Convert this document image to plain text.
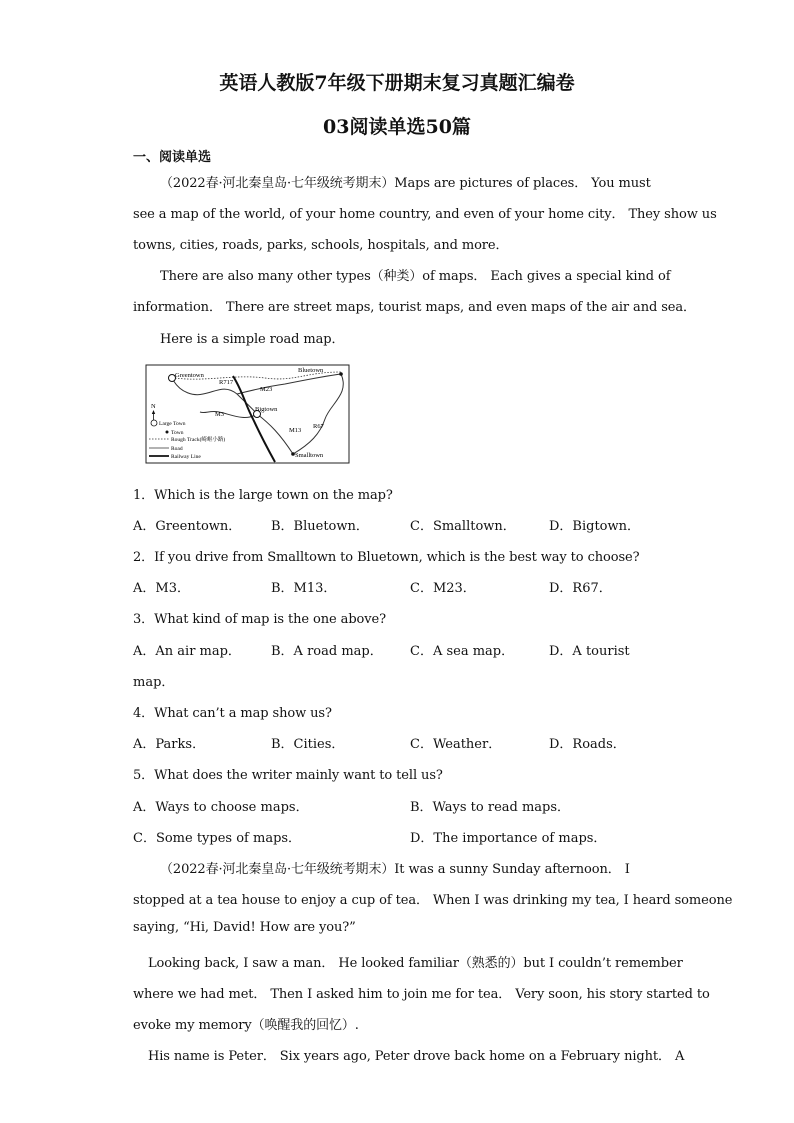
英语人教版7年级下册期末复习真题汇编卷
03阅读单选50篇
一、阅读单选
（2022春·河北秦皇岛·七年级统考期末）Maps are pictures of places． You must
see a map of the world, of your home country, and even of your home city． They show us
towns, cities, roads, parks, schools, hospitals, and more．
There are also many other types（种类）of maps． Each gives a special kind of
information． There are street maps, tourist maps, and even maps of the air and sea．
Here is a simple road map．
Greentown
Bluetown
Bigtown
Smalltown
R717
M23
M3
M13
R67
N
Large Town
Town
Rough Track(崎岖小路)
Road
Railway Line
1．Which is the large town on the map?
A．Greentown． B．Bluetown．	C．Smalltown．	D．Bigtown．
2．If you drive from Smalltown to Bluetown, which is the best way to choose?
A．M3．	B．M13．	C．M23．	D．R67．
3．What kind of map is the one above?
A．An air map． B．A road map． C．A sea map．	D．A tourist
map．
4．What can’t a map show us?
A．Parks．	B．Cities．	C．Weather．	D．Roads．
5．What does the writer mainly want to tell us?
A．Ways to choose maps．	B．Ways to read maps．
C．Some types of maps．	D．The importance of maps．
（2022春·河北秦皇岛·七年级统考期末）It was a sunny Sunday afternoon． I
stopped at a tea house to enjoy a cup of tea． When I was drinking my tea, I heard someone
saying, “Hi, David! How are you?”
Looking back, I saw a man． He looked familiar（熟悉的）but I couldn’t remember
where we had met． Then I asked him to join me for tea． Very soon, his story started to
evoke my memory（唤醒我的回忆）.
His name is Peter． Six years ago, Peter drove back home on a February night． A
